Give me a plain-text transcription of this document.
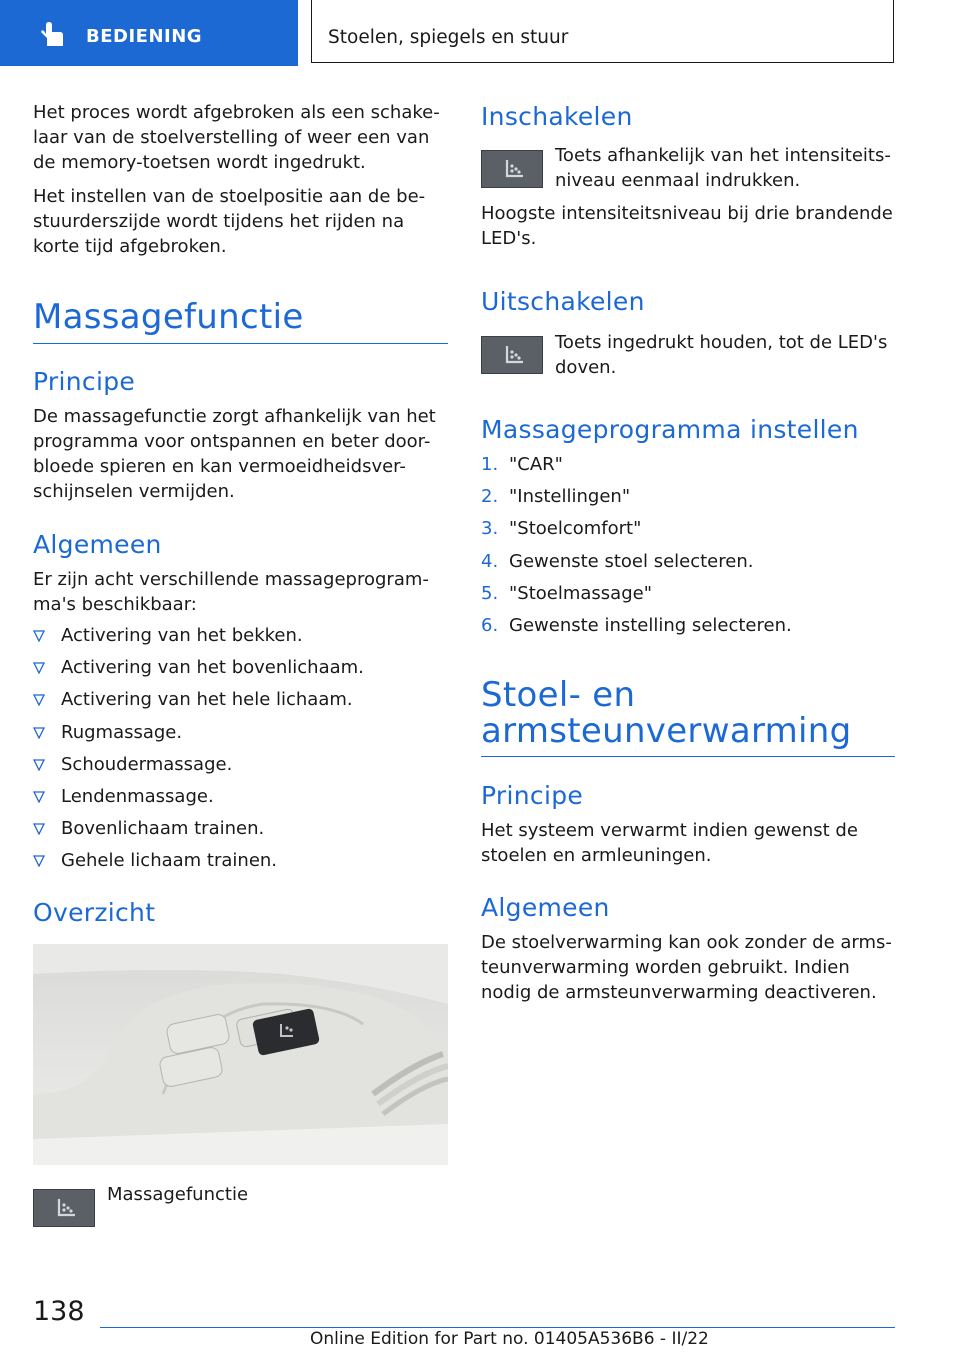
BEDIENING	Stoelen, spiegels en stuur

Het proces wordt afgebroken als een schake-laar van de stoelverstelling of weer een van de memory-toetsen wordt ingedrukt.

Het instellen van de stoelpositie aan de be-stuurderszijde wordt tijdens het rijden na korte tijd afgebroken.

Massagefunctie
Principe

De massagefunctie zorgt afhankelijk van het programma voor ontspannen en beter door-bloede spieren en kan vermoeidheidsver-schijnselen vermijden.

Algemeen

Er zijn acht verschillende massageprogram-ma's beschikbaar:

Activering van het bekken.
Activering van het bovenlichaam.
Activering van het hele lichaam.
Rugmassage.
Schoudermassage.
Lendenmassage.
Bovenlichaam trainen.
Gehele lichaam trainen.
Overzicht

Massagefunctie

Inschakelen

Toets afhankelijk van het intensiteits-niveau eenmaal indrukken.

Hoogste intensiteitsniveau bij drie brandende LED's.

Uitschakelen

Toets ingedrukt houden, tot de LED's doven.

Massageprogramma instellen
1. "CAR"
2. "Instellingen"
3. "Stoelcomfort"
4. Gewenste stoel selecteren.
5. "Stoelmassage"
6. Gewenste instelling selecteren.
Stoel- en
armsteunverwarming
Principe

Het systeem verwarmt indien gewenst de stoelen en armleuningen.

Algemeen

De stoelverwarming kan ook zonder de arms-teunverwarming worden gebruikt. Indien nodig de armsteunverwarming deactiveren.

138
Online Edition for Part no. 01405A536B6 - II/22
